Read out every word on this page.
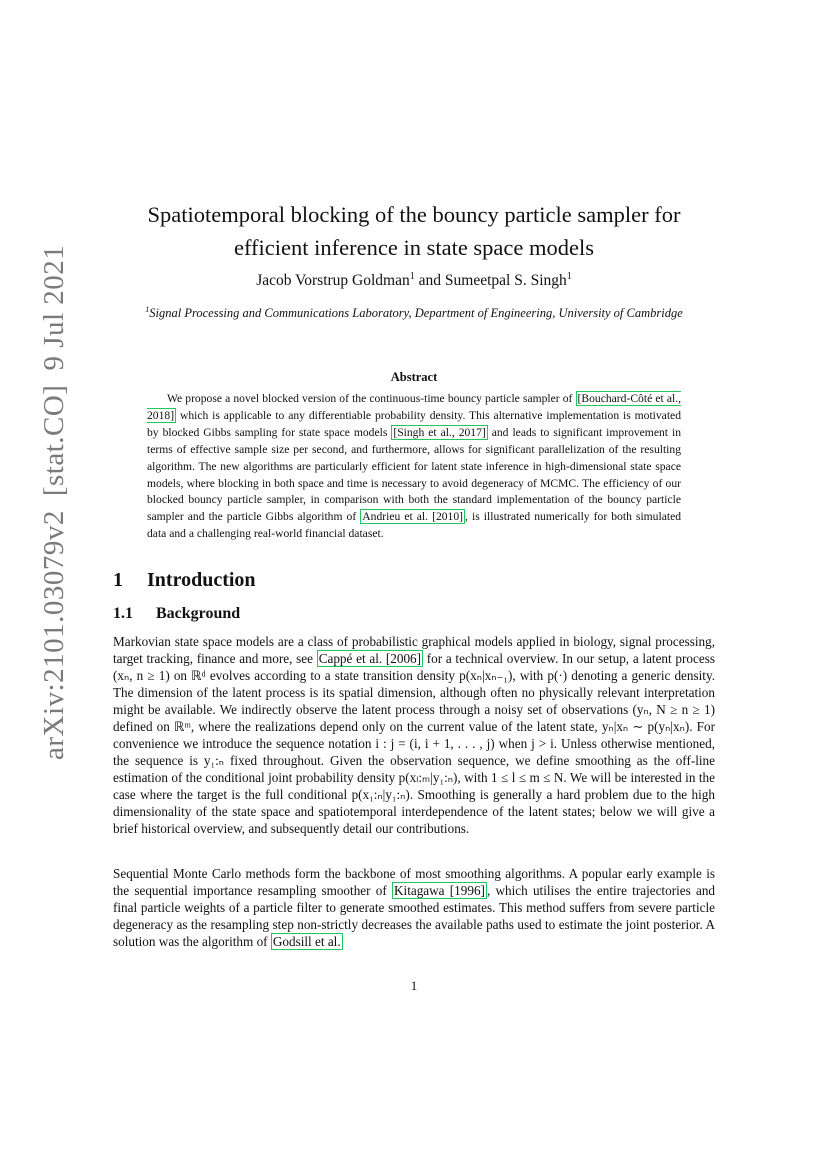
arXiv:2101.03079v2[stat.CO]9 Jul 2021
Spatiotemporal blocking of the bouncy particle sampler for
efficient inference in state space models
Jacob Vorstrup Goldman$^1$ and Sumeetpal S. Singh$^1$
$^1$Signal Processing and Communications Laboratory, Department of Engineering, University of Cambridge
Abstract

We propose a novel blocked version of the continuous-time bouncy particle sampler of [Bouchard-Côté et al., 2018] which is applicable to any differentiable probability density. This alternative implementation is motivated by blocked Gibbs sampling for state space models [Singh et al., 2017] and leads to significant improvement in terms of effective sample size per second, and furthermore, allows for significant parallelization of the resulting algorithm. The new algorithms are particularly efficient for latent state inference in high-dimensional state space models, where blocking in both space and time is necessary to avoid degeneracy of MCMC. The efficiency of our blocked bouncy particle sampler, in comparison with both the standard implementation of the bouncy particle sampler and the particle Gibbs algorithm of Andrieu et al. [2010] , is illustrated numerically for both simulated data and a challenging real-world financial dataset.

1 Introduction
1.1 Background

Markovian state space models are a class of probabilistic graphical models applied in biology, signal processing, target tracking, finance and more, see Cappé et al. [2006] for a technical overview. In our setup, a latent process (xₙ, n ≥ 1) on ℝᵈ evolves according to a state transition density p(xₙ|xₙ₋₁), with p(·) denoting a generic density. The dimension of the latent process is its spatial dimension, although often no physically relevant interpretation might be available. We indirectly observe the latent process through a noisy set of observations (yₙ, N ≥ n ≥ 1) defined on ℝᵐ, where the realizations depend only on the current value of the latent state, yₙ|xₙ ∼ p(yₙ|xₙ). For convenience we introduce the sequence notation i : j = (i, i + 1, . . . , j) when j > i. Unless otherwise mentioned, the sequence is y₁:ₙ fixed throughout. Given the observation sequence, we define smoothing as the off-line estimation of the conditional joint probability density p(xₗ:ₘ|y₁:ₙ), with 1 ≤ l ≤ m ≤ N. We will be interested in the case where the target is the full conditional p(x₁:ₙ|y₁:ₙ). Smoothing is generally a hard problem due to the high dimensionality of the state space and spatiotemporal interdependence of the latent states; below we will give a brief historical overview, and subsequently detail our contributions.

Sequential Monte Carlo methods form the backbone of most smoothing algorithms. A popular early example is the sequential importance resampling smoother of Kitagawa [1996] , which utilises the entire trajectories and final particle weights of a particle filter to generate smoothed estimates. This method suffers from severe particle degeneracy as the resampling step non-strictly decreases the available paths used to estimate the joint posterior. A solution was the algorithm of Godsill et al.

1
